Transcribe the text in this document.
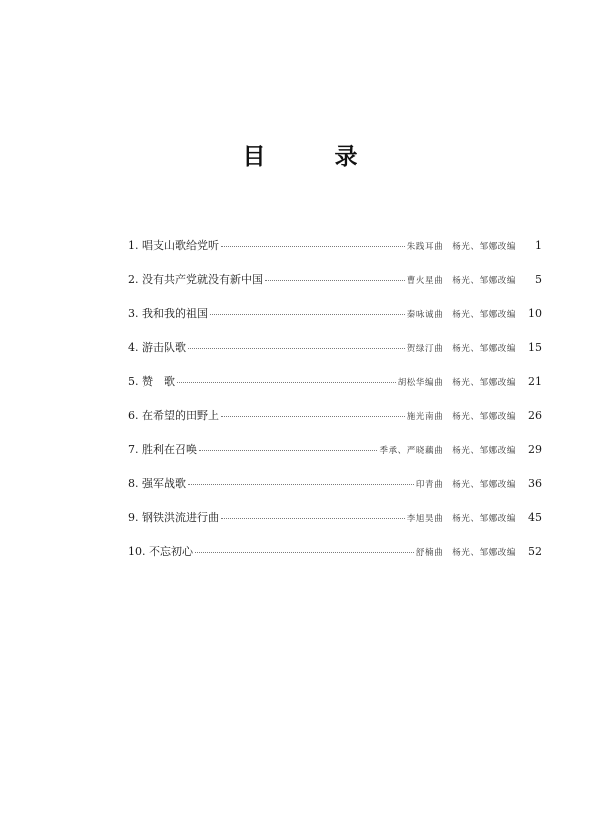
目　　　录
1. 唱支山歌给党听	朱践耳曲　杨光、邹娜改编	1
2. 没有共产党就没有新中国	曹火星曲　杨光、邹娜改编	5
3. 我和我的祖国	秦咏诚曲　杨光、邹娜改编	10
4. 游击队歌	贺绿汀曲　杨光、邹娜改编	15
5. 赞　歌	胡松华编曲　杨光、邹娜改编	21
6. 在希望的田野上	施光南曲　杨光、邹娜改编	26
7. 胜利在召唤	季承、严晓藕曲　杨光、邹娜改编	29
8. 强军战歌	印青曲　杨光、邹娜改编	36
9. 钢铁洪流进行曲	李旭昊曲　杨光、邹娜改编	45
10. 不忘初心	舒楠曲　杨光、邹娜改编	52
